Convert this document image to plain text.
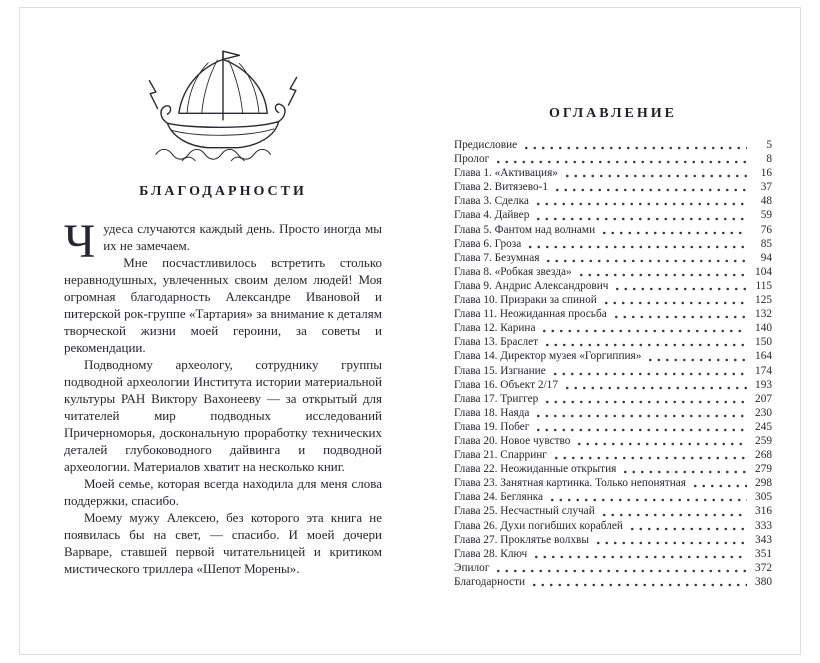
БЛАГОДАРНОСТИ
Ч удеса случаются каждый день. Просто иногда мы их не замечаем.

Мне посчастливилось встретить столько неравнодушных, увлеченных своим делом людей! Моя огромная благодарность Александре Ивановой и питерской рок-группе «Тартария» за внимание к деталям творческой жизни моей героини, за советы и рекомендации.

Подводному археологу, сотруднику группы подводной археологии Института истории материальной культуры РАН Виктору Вахонееву — за открытый для читателей мир подводных исследований Причерноморья, доскональную проработку технических деталей глубоководного дайвинга и подводной археологии. Материалов хватит на несколько книг.

Моей семье, которая всегда находила для меня слова поддержки, спасибо.

Моему мужу Алексею, без которого эта книга не появилась бы на свет, — спасибо. И моей дочери Варваре, ставшей первой читательницей и критиком мистического триллера «Шепот Морены».

ОГЛАВЛЕНИЕ
Предисловие	5
Пролог	8
Глава 1. «Активация»	16
Глава 2. Витязево-1	37
Глава 3. Сделка	48
Глава 4. Дайвер	59
Глава 5. Фантом над волнами	76
Глава 6. Гроза	85
Глава 7. Безумная	94
Глава 8. «Робкая звезда»	104
Глава 9. Андрис Александрович	115
Глава 10. Призраки за спиной	125
Глава 11. Неожиданная просьба	132
Глава 12. Карина	140
Глава 13. Браслет	150
Глава 14. Директор музея «Горгиппия»	164
Глава 15. Изгнание	174
Глава 16. Объект 2/17	193
Глава 17. Триггер	207
Глава 18. Наяда	230
Глава 19. Побег	245
Глава 20. Новое чувство	259
Глава 21. Спарринг	268
Глава 22. Неожиданные открытия	279
Глава 23. Занятная картинка. Только непонятная	298
Глава 24. Беглянка	305
Глава 25. Несчастный случай	316
Глава 26. Духи погибших кораблей	333
Глава 27. Проклятье волхвы	343
Глава 28. Ключ	351
Эпилог	372
Благодарности	380
